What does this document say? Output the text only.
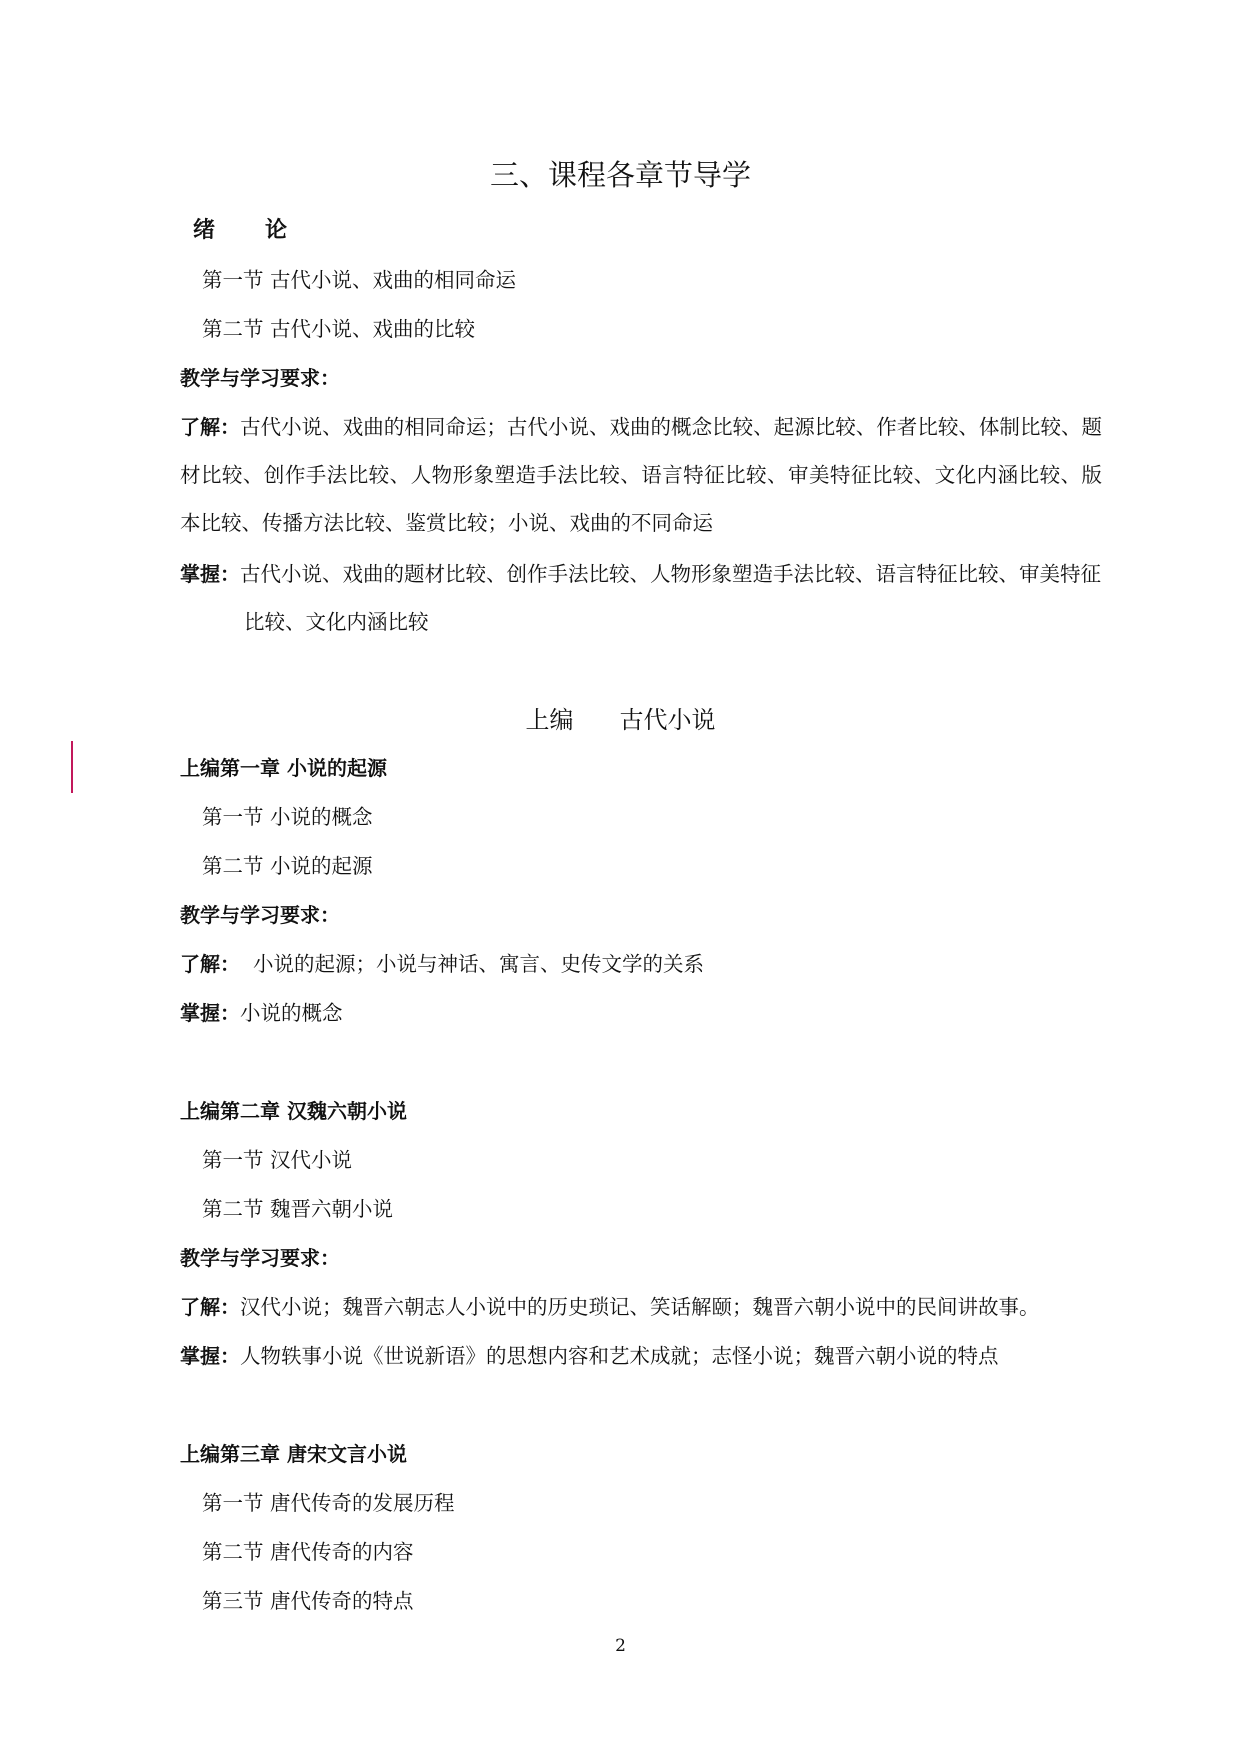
三、课程各章节导学
绪 论
第一节 古代小说、戏曲的相同命运
第二节 古代小说、戏曲的比较
教学与学习要求：
了解：古代小说、戏曲的相同命运；古代小说、戏曲的概念比较、起源比较、作者比较、体制比较、题材比较、创作手法比较、人物形象塑造手法比较、语言特征比较、审美特征比较、文化内涵比较、版本比较、传播方法比较、鉴赏比较；小说、戏曲的不同命运
掌握：古代小说、戏曲的题材比较、创作手法比较、人物形象塑造手法比较、语言特征比较、审美特征比较、文化内涵比较
上编 古代小说
上编第一章 小说的起源
第一节 小说的概念
第二节 小说的起源
教学与学习要求：
了解：  小说的起源；小说与神话、寓言、史传文学的关系
掌握：小说的概念
上编第二章 汉魏六朝小说
第一节 汉代小说
第二节 魏晋六朝小说
教学与学习要求：
了解：汉代小说；魏晋六朝志人小说中的历史琐记、笑话解颐；魏晋六朝小说中的民间讲故事。
掌握：人物轶事小说《世说新语》的思想内容和艺术成就；志怪小说；魏晋六朝小说的特点
上编第三章 唐宋文言小说
第一节 唐代传奇的发展历程
第二节 唐代传奇的内容
第三节 唐代传奇的特点
2
